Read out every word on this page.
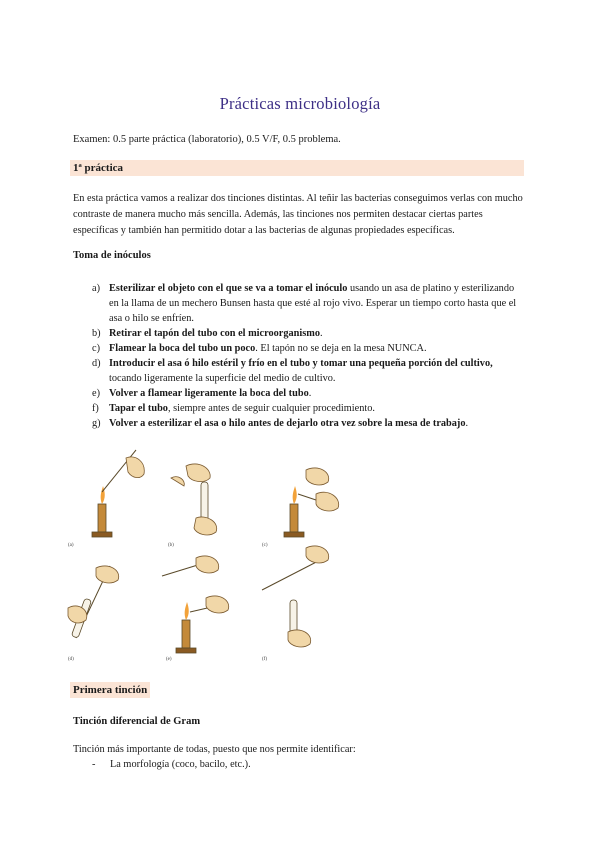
Prácticas microbiología
Examen: 0.5 parte práctica (laboratorio), 0.5 V/F, 0.5 problema.
1ª práctica
En esta práctica vamos a realizar dos tinciones distintas. Al teñir las bacterias conseguimos verlas con mucho contraste de manera mucho más sencilla. Además, las tinciones nos permiten destacar ciertas partes específicas y también han permitido dotar a las bacterias de algunas propiedades específicas.
Toma de inóculos
a) Esterilizar el objeto con el que se va a tomar el inóculo usando un asa de platino y esterilizando en la llama de un mechero Bunsen hasta que esté al rojo vivo. Esperar un tiempo corto hasta que el asa o hilo se enfríen.
b) Retirar el tapón del tubo con el microorganismo.
c) Flamear la boca del tubo un poco. El tapón no se deja en la mesa NUNCA.
d) Introducir el asa ó hilo estéril y frío en el tubo y tomar una pequeña porción del cultivo, tocando ligeramente la superficie del medio de cultivo.
e) Volver a flamear ligeramente la boca del tubo.
f) Tapar el tubo, siempre antes de seguir cualquier procedimiento.
g) Volver a esterilizar el asa o hilo antes de dejarlo otra vez sobre la mesa de trabajo.
(a)	(b)	(c)
(d)	(e)	(f)
Primera tinción
Tinción diferencial de Gram
Tinción más importante de todas, puesto que nos permite identificar:
- La morfología (coco, bacilo, etc.).
